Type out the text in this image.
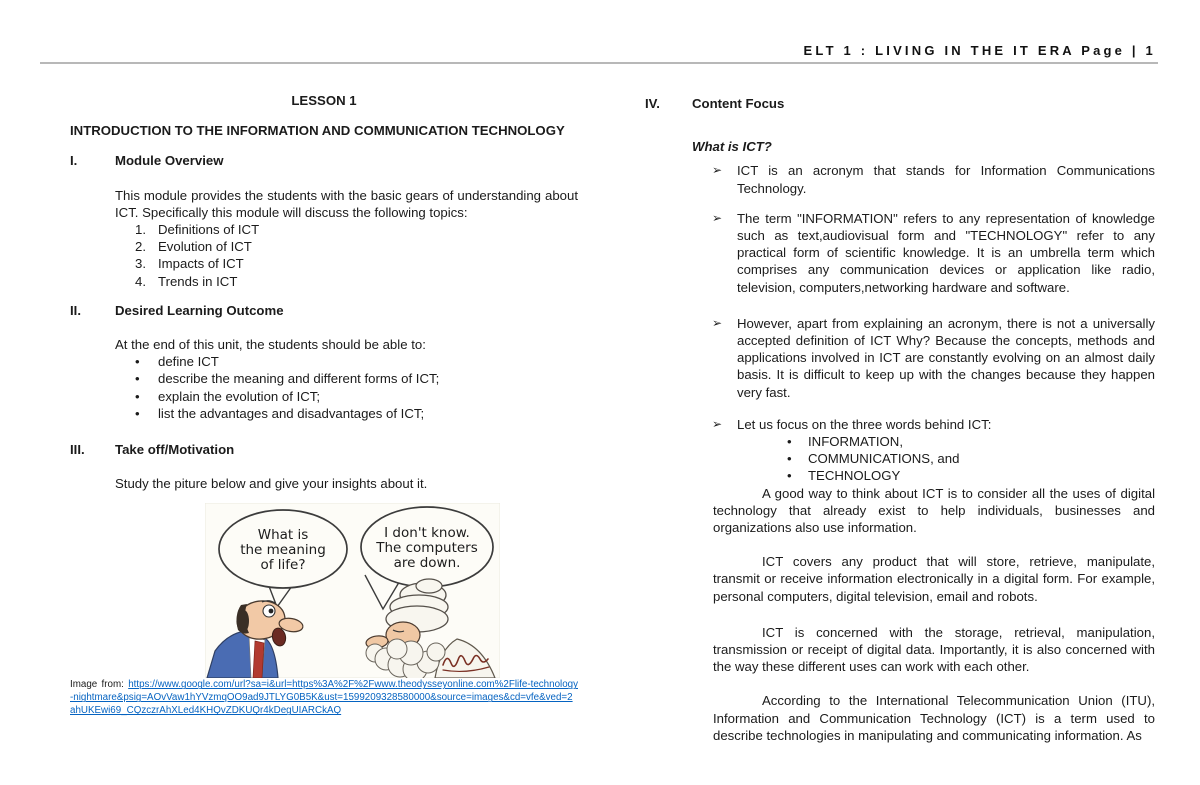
ELT 1 : LIVING IN THE IT ERA Page | 1

LESSON 1

INTRODUCTION TO THE INFORMATION AND COMMUNICATION TECHNOLOGY

I.	Module Overview

This module provides the students with the basic gears of understanding about ICT. Specifically this module will discuss the following topics:

1. Definitions of ICT
2. Evolution of ICT
3. Impacts of ICT
4. Trends in ICT
II.	Desired Learning Outcome

At the end of this unit, the students should be able to:

•	define ICT
•	describe the meaning and different forms of ICT;
•	explain the evolution of ICT;
•	list the advantages and disadvantages of ICT;
III.	Take off/Motivation

Study the piture below and give your insights about it.

What is
the meaning
of life?
I don't know.
The computers
are down.

Image from: https://www.google.com/url?sa=i&url=https%3A%2F%2Fwww.theodysseyonline.com%2Flife-technology-nightmare&psig=AOvVaw1hYVzmqOO9ad9JTLYG0B5K&ust=1599209328580000&source=images&cd=vfe&ved=2ahUKEwi69_CQzczrAhXLed4KHQvZDKUQr4kDegUIARCkAQ

IV.	Content Focus

What is ICT?

➢	ICT is an acronym that stands for Information Communications Technology.
➢	The term "INFORMATION" refers to any representation of knowledge such as text,audiovisual form and "TECHNOLOGY" refer to any practical form of scientific knowledge. It is an umbrella term which comprises any communication devices or application like radio, television, computers,networking hardware and software.
➢	However, apart from explaining an acronym, there is not a universally accepted definition of ICT Why? Because the concepts, methods and applications involved in ICT are constantly evolving on an almost daily basis. It is difficult to keep up with the changes because they happen very fast.
➢	Let us focus on the three words behind ICT:
•	INFORMATION,
•	COMMUNICATIONS, and
•	TECHNOLOGY

A good way to think about ICT is to consider all the uses of digital technology that already exist to help individuals, businesses and organizations also use information.

ICT covers any product that will store, retrieve, manipulate, transmit or receive information electronically in a digital form. For example, personal computers, digital television, email and robots.

ICT is concerned with the storage, retrieval, manipulation, transmission or receipt of digital data. Importantly, it is also concerned with the way these different uses can work with each other.

According to the International Telecommunication Union (ITU), Information and Communication Technology (ICT) is a term used to describe technologies in manipulating and communicating information. As
